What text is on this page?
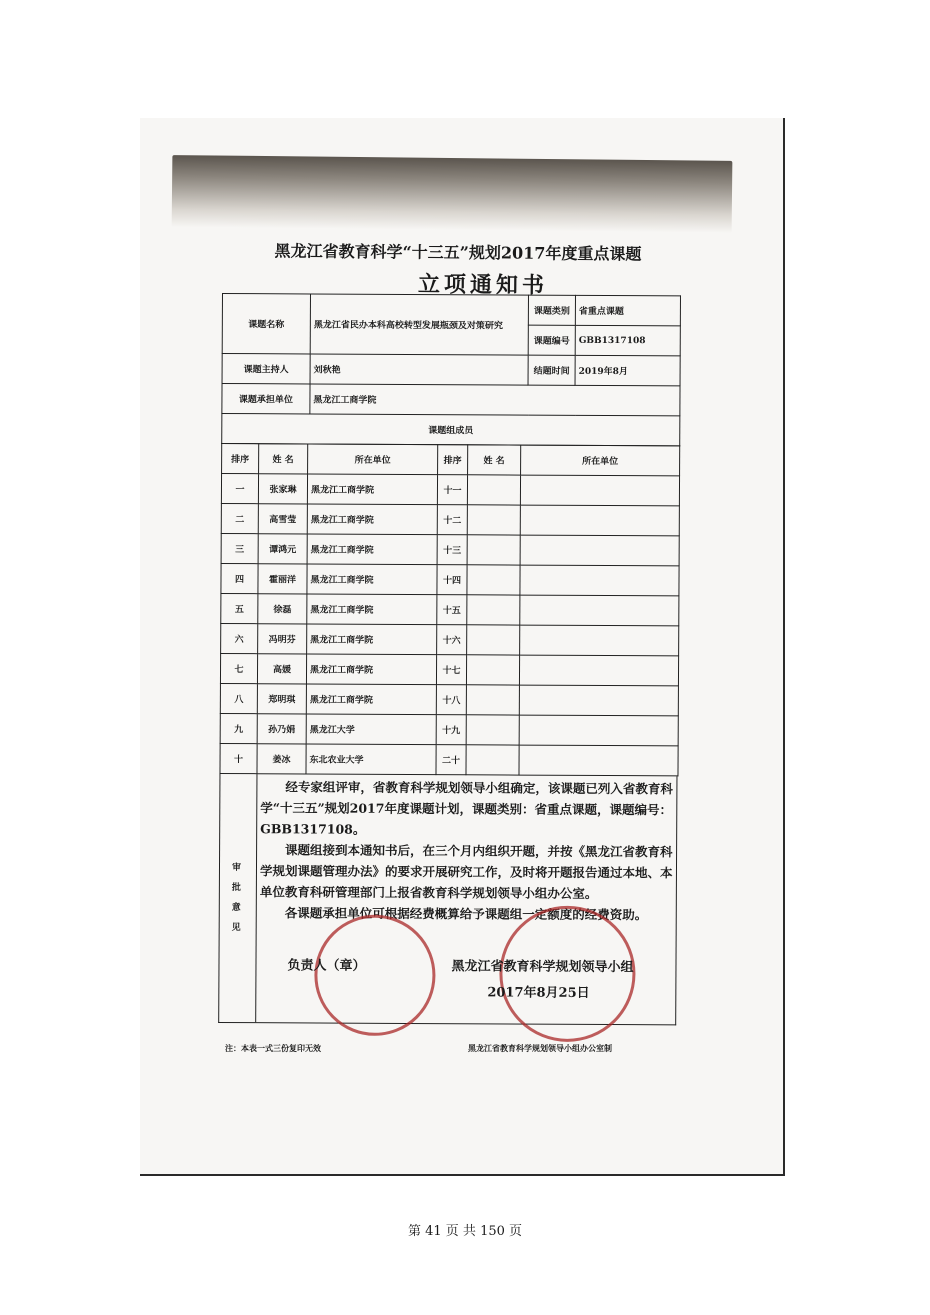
黑龙江省教育科学“十三五”规划2017年度重点课题
立项通知书
课题名称	黑龙江省民办本科高校转型发展瓶颈及对策研究	课题类别	省重点课题
		课题编号	GBB1317108
课题主持人	刘秋艳	结题时间	2019年8月
课题承担单位	黑龙江工商学院		
课题组成员			
排序	姓 名	所在单位	排序	姓 名	所在单位
一	张家琳	黑龙江工商学院	十一		
二	高雪莹	黑龙江工商学院	十二		
三	谭鸿元	黑龙江工商学院	十三		
四	霍丽洋	黑龙江工商学院	十四		
五	徐磊	黑龙江工商学院	十五		
六	冯明芬	黑龙江工商学院	十六		
七	高媛	黑龙江工商学院	十七		
八	郑明琪	黑龙江工商学院	十八		
九	孙乃娟	黑龙江大学	十九		
十	姜冰	东北农业大学	二十		
审批意见

经专家组评审，省教育科学规划领导小组确定，该课题已列入省教育科学“十三五”规划2017年度课题计划，课题类别：省重点课题，课题编号：GBB1317108。

课题组接到本通知书后，在三个月内组织开题，并按《黑龙江省教育科学规划课题管理办法》的要求开展研究工作，及时将开题报告通过本地、本单位教育科研管理部门上报省教育科学规划领导小组办公室。

各课题承担单位可根据经费概算给予课题组一定额度的经费资助。

负责人（章）	黑龙江省教育科学规划领导小组
2017年8月25日
注：本表一式三份复印无效	黑龙江省教育科学规划领导小组办公室制
第 41 页 共 150 页
